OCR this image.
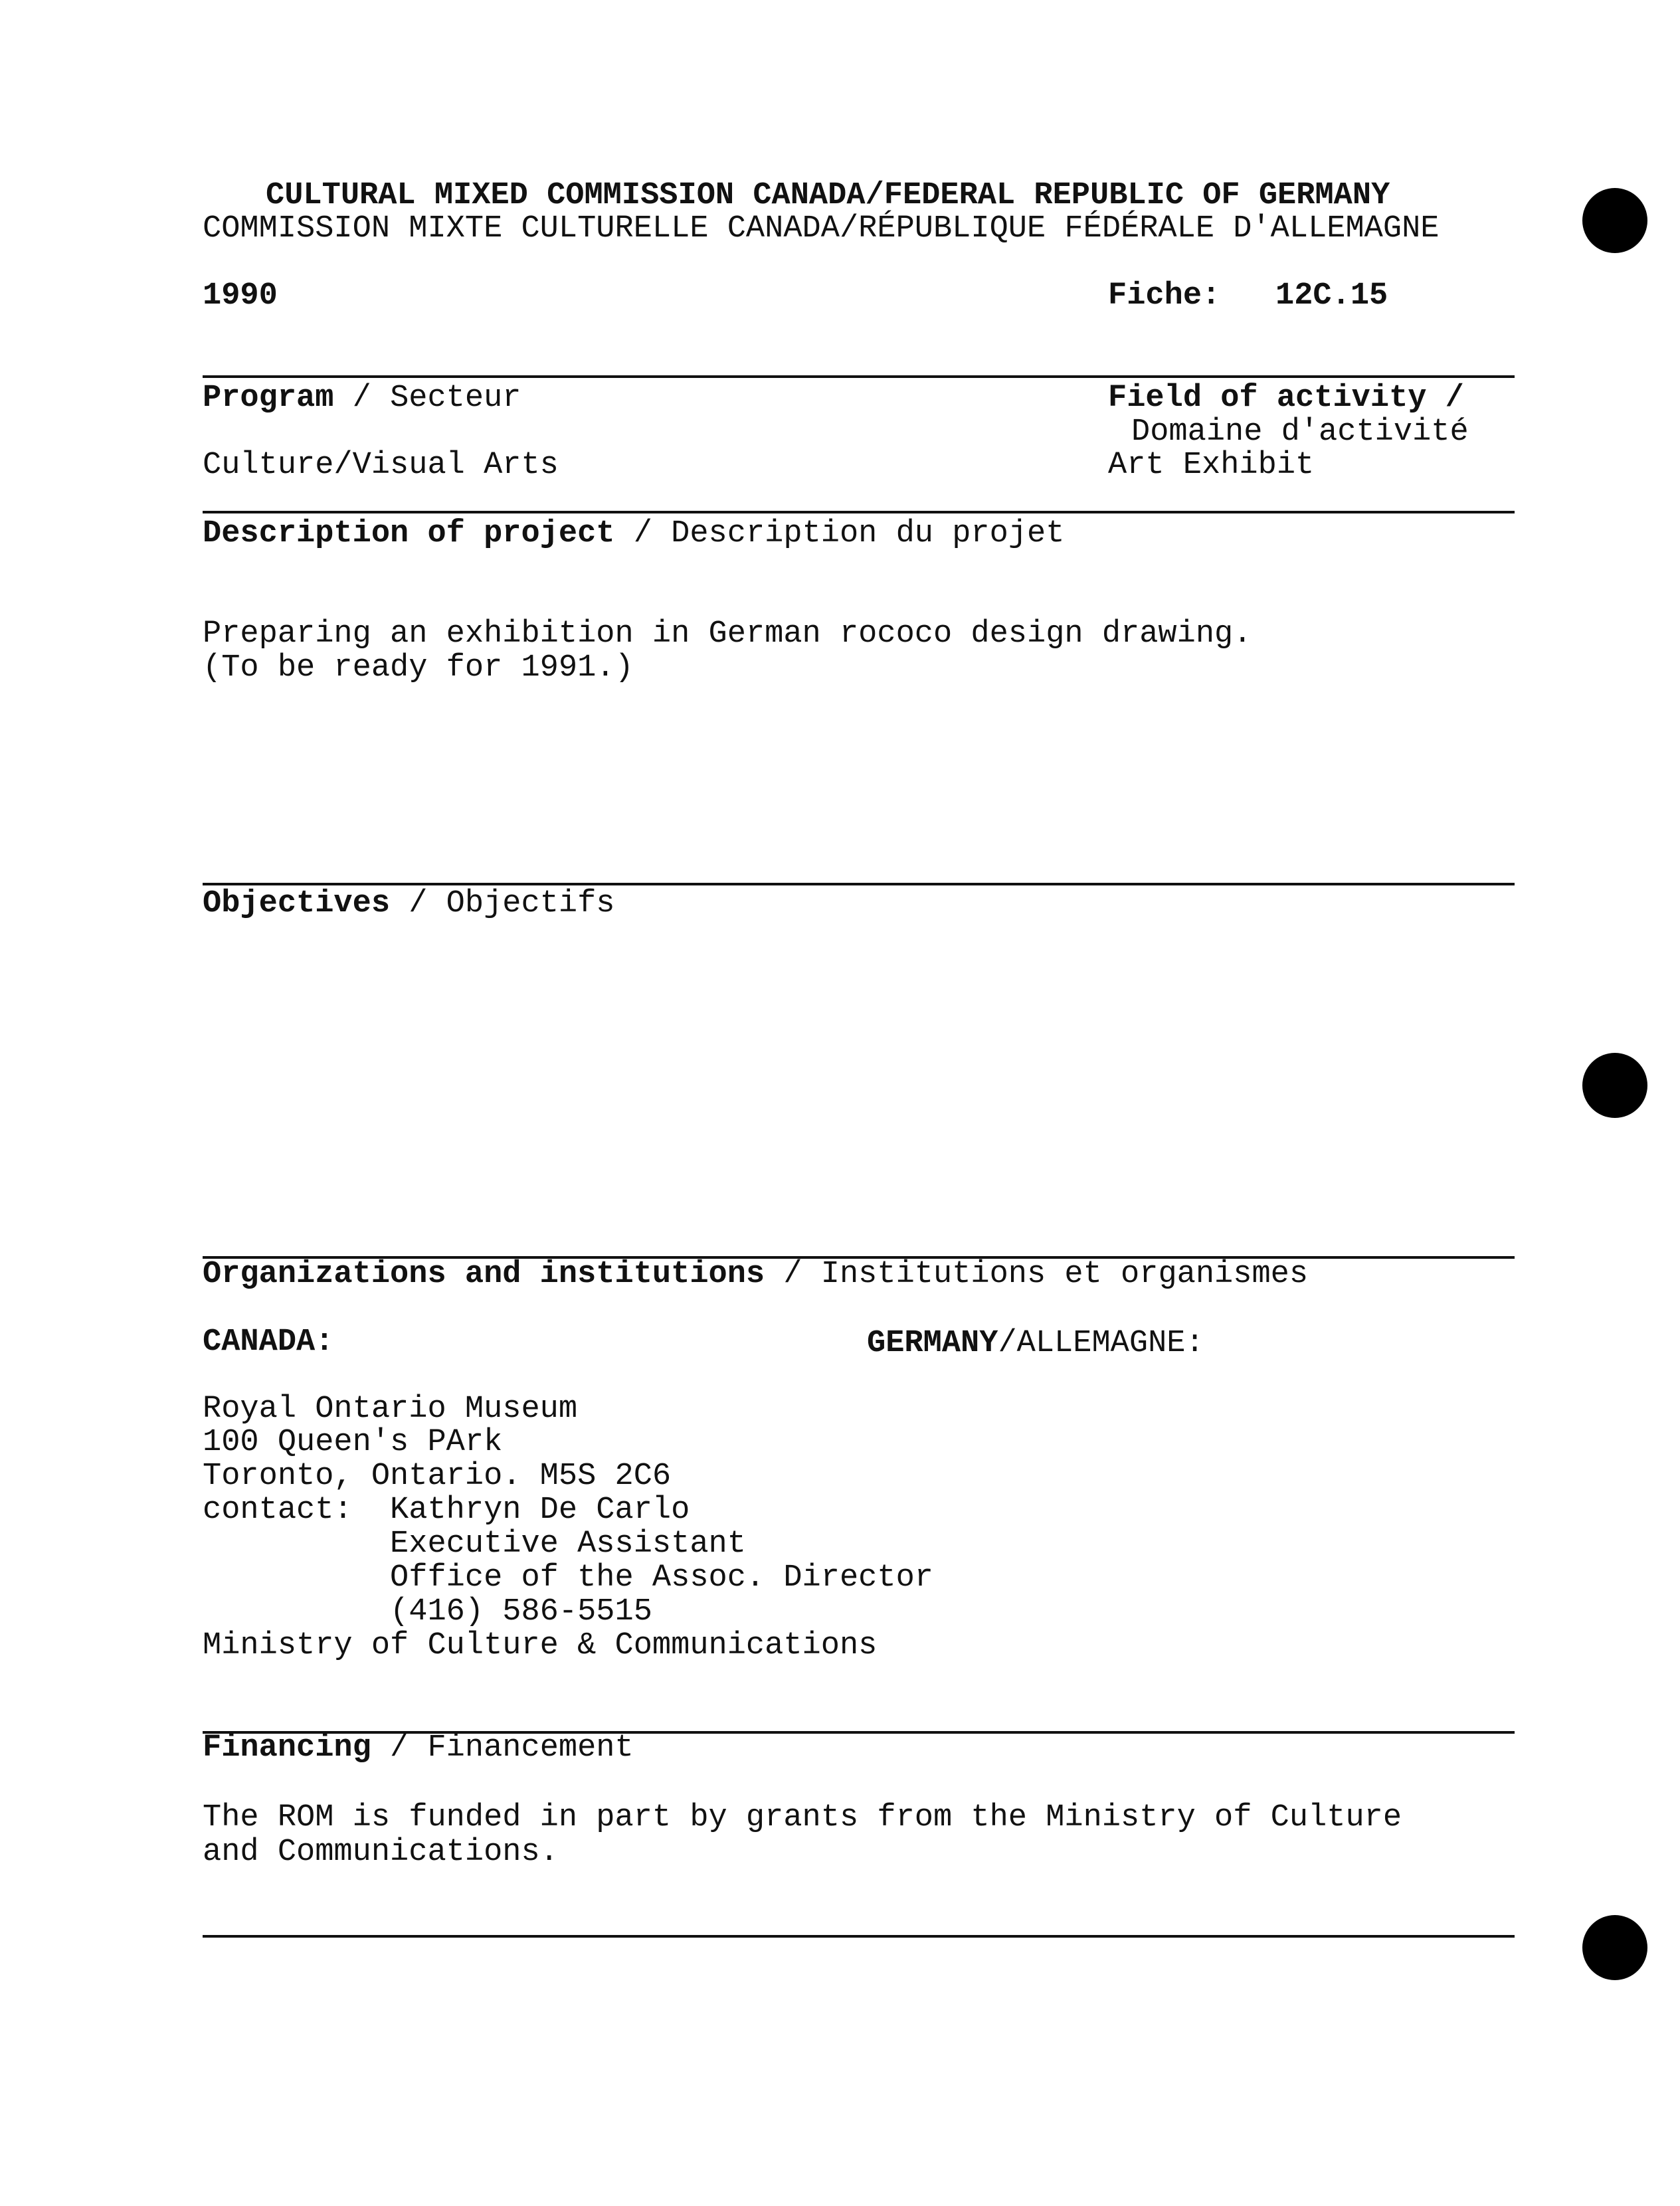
CULTURAL MIXED COMMISSION CANADA/FEDERAL REPUBLIC OF GERMANY
COMMISSION MIXTE CULTURELLE CANADA/RÉPUBLIQUE FÉDÉRALE D'ALLEMAGNE
1990	Fiche: 12C.15
Program / Secteur	Field of activity /
Domaine d'activité
Culture/Visual Arts	Art Exhibit
Description of project / Description du projet
Preparing an exhibition in German rococo design drawing.
(To be ready for 1991.)
Objectives / Objectifs
Organizations and institutions / Institutions et organismes
CANADA:	GERMANY/ALLEMAGNE:
Royal Ontario Museum
100 Queen's PArk
Toronto, Ontario. M5S 2C6
contact:  Kathryn De Carlo
Executive Assistant
Office of the Assoc. Director
(416) 586-5515
Ministry of Culture & Communications
Financing / Financement
The ROM is funded in part by grants from the Ministry of Culture
and Communications.
